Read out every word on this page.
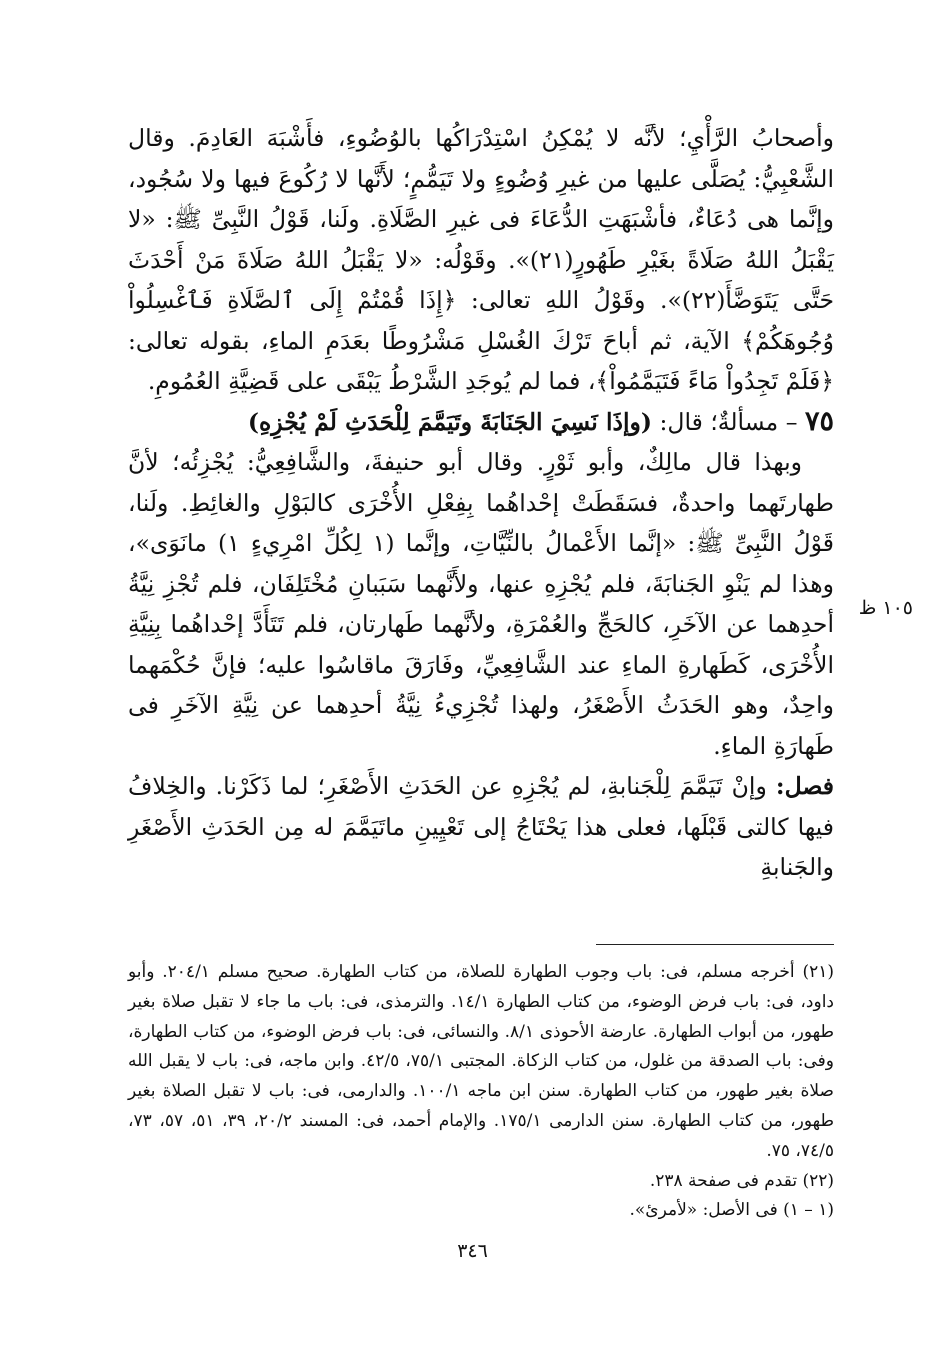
وأصحابُ الرَّأْيِ؛ لأنَّه لا يُمْكِنُ اسْتِدْرَاكُها بالوُضُوءِ، فأَشْبَهَ العَادِمَ. وقال الشَّعْبِيُّ: يُصَلَّى عليها من غيرِ وُضُوءٍ ولا تَيَمُّمٍ؛ لأَنَّها لا رُكُوعَ فيها ولا سُجُود، وإنَّما هى دُعَاءٌ، فأشْبَهَتِ الدُّعَاءَ فى غيرِ الصَّلَاةِ. ولَنا، قَوْلُ النَّبِىِّ ﷺ: «لا يَقْبَلُ اللهُ صَلَاةً بغَيْرِ طَهُورٍ(٢١)». وقَوْلُه: «لا يَقْبَلُ اللهُ صَلَاةَ مَنْ أَحْدَثَ حَتَّى يَتَوَضَّأَ(٢٢)». وقَوْلُ اللهِ تعالى: ﴿إِذَا قُمْتُمْ إِلَى ٱلصَّلَاةِ فَٱغْسِلُواْ وُجُوهَكُمْ﴾ الآية، ثم أباحَ تَرْكَ الغُسْلِ مَشْرُوطًا بعَدَمِ الماءِ، بقوله تعالى: ﴿فَلَمْ تَجِدُواْ مَاءً فَتَيَمَّمُواْ﴾، فما لم يُوجَدِ الشَّرْطُ يَبْقَى على قَضِيَّةِ العُمُومِ.

٧٥ – مسألةٌ؛ قال: (وإذَا نَسِيَ الجَنَابَةَ وتَيَمَّمَ لِلْحَدَثِ لَمْ يُجْزِهِ)

وبهذا قال مالِكٌ، وأبو ثَوْرٍ. وقال أبو حنيفةَ، والشَّافِعِيُّ: يُجْزِئُه؛ لأنَّ طهارتَهما واحدةٌ، فسَقَطَتْ إحْداهُما بِفِعْلِ الأُخْرَى كالبَوْلِ والغائِطِ. ولَنا، قَوْلُ النَّبِىِّ ﷺ: «إنَّما الأَعْمالُ بالنِّيَّاتِ، وإنَّما (١ لِكُلِّ امْرِيءٍ ١) مانَوَى»، وهذا لم يَنْوِ الجَنابَةَ، فلم يُجْزِهِ عنها، ولأَنَّهما سَبَبانِ مُخْتَلِفَان، فلم تُجْزِ نِيَّةُ أحدِهما عن الآخَرِ، كالحَجِّ والعُمْرَةِ، ولأنَّهما طَهارتان، فلم تَتَأَدَّ إحْداهُما بِنِيَّةِ الأُخْرَى، كَطَهارةِ الماءِ عند الشَّافِعِيِّ، وفَارَقَ ماقاسُوا عليه؛ فإنَّ حُكْمَهما واحِدٌ، وهو الحَدَثُ الأَصْغَرُ، ولهذا تُجْزِيءُ نِيَّةُ أحدِهما عن نِيَّةِ الآخَرِ فى طَهارَةِ الماءِ.

فصل: وإنْ تَيَمَّمَ لِلْجَنابةِ، لم يُجْزِهِ عن الحَدَثِ الأَصْغَرِ؛ لما ذَكَرْنا. والخِلافُ فيها كالتى قَبْلَها، فعلى هذا يَحْتَاجُ إلى تَعْيِينِ ماتَيَمَّمَ له مِن الحَدَثِ الأَصْغَرِ والجَنابةِ

١٠٥ ظ

(٢١) أخرجه مسلم، فى: باب وجوب الطهارة للصلاة، من كتاب الطهارة. صحيح مسلم ٢٠٤/١. وأبو داود، فى: باب فرض الوضوء، من كتاب الطهارة ١٤/١. والترمذى، فى: باب ما جاء لا تقبل صلاة بغير طهور، من أبواب الطهارة. عارضة الأحوذى ٨/١. والنسائى، فى: باب فرض الوضوء، من كتاب الطهارة، وفى: باب الصدقة من غلول، من كتاب الزكاة. المجتبى ٧٥/١، ٤٢/٥. وابن ماجه، فى: باب لا يقبل الله صلاة بغير طهور، من كتاب الطهارة. سنن ابن ماجه ١٠٠/١. والدارمى، فى: باب لا تقبل الصلاة بغير طهور، من كتاب الطهارة. سنن الدارمى ١٧٥/١. والإمام أحمد، فى: المسند ٢٠/٢، ٣٩، ٥١، ٥٧، ٧٣، ٧٤/٥، ٧٥.

(٢٢) تقدم فى صفحة ٢٣٨.

(١ – ١) فى الأصل: «لأمرئ».

٣٤٦
